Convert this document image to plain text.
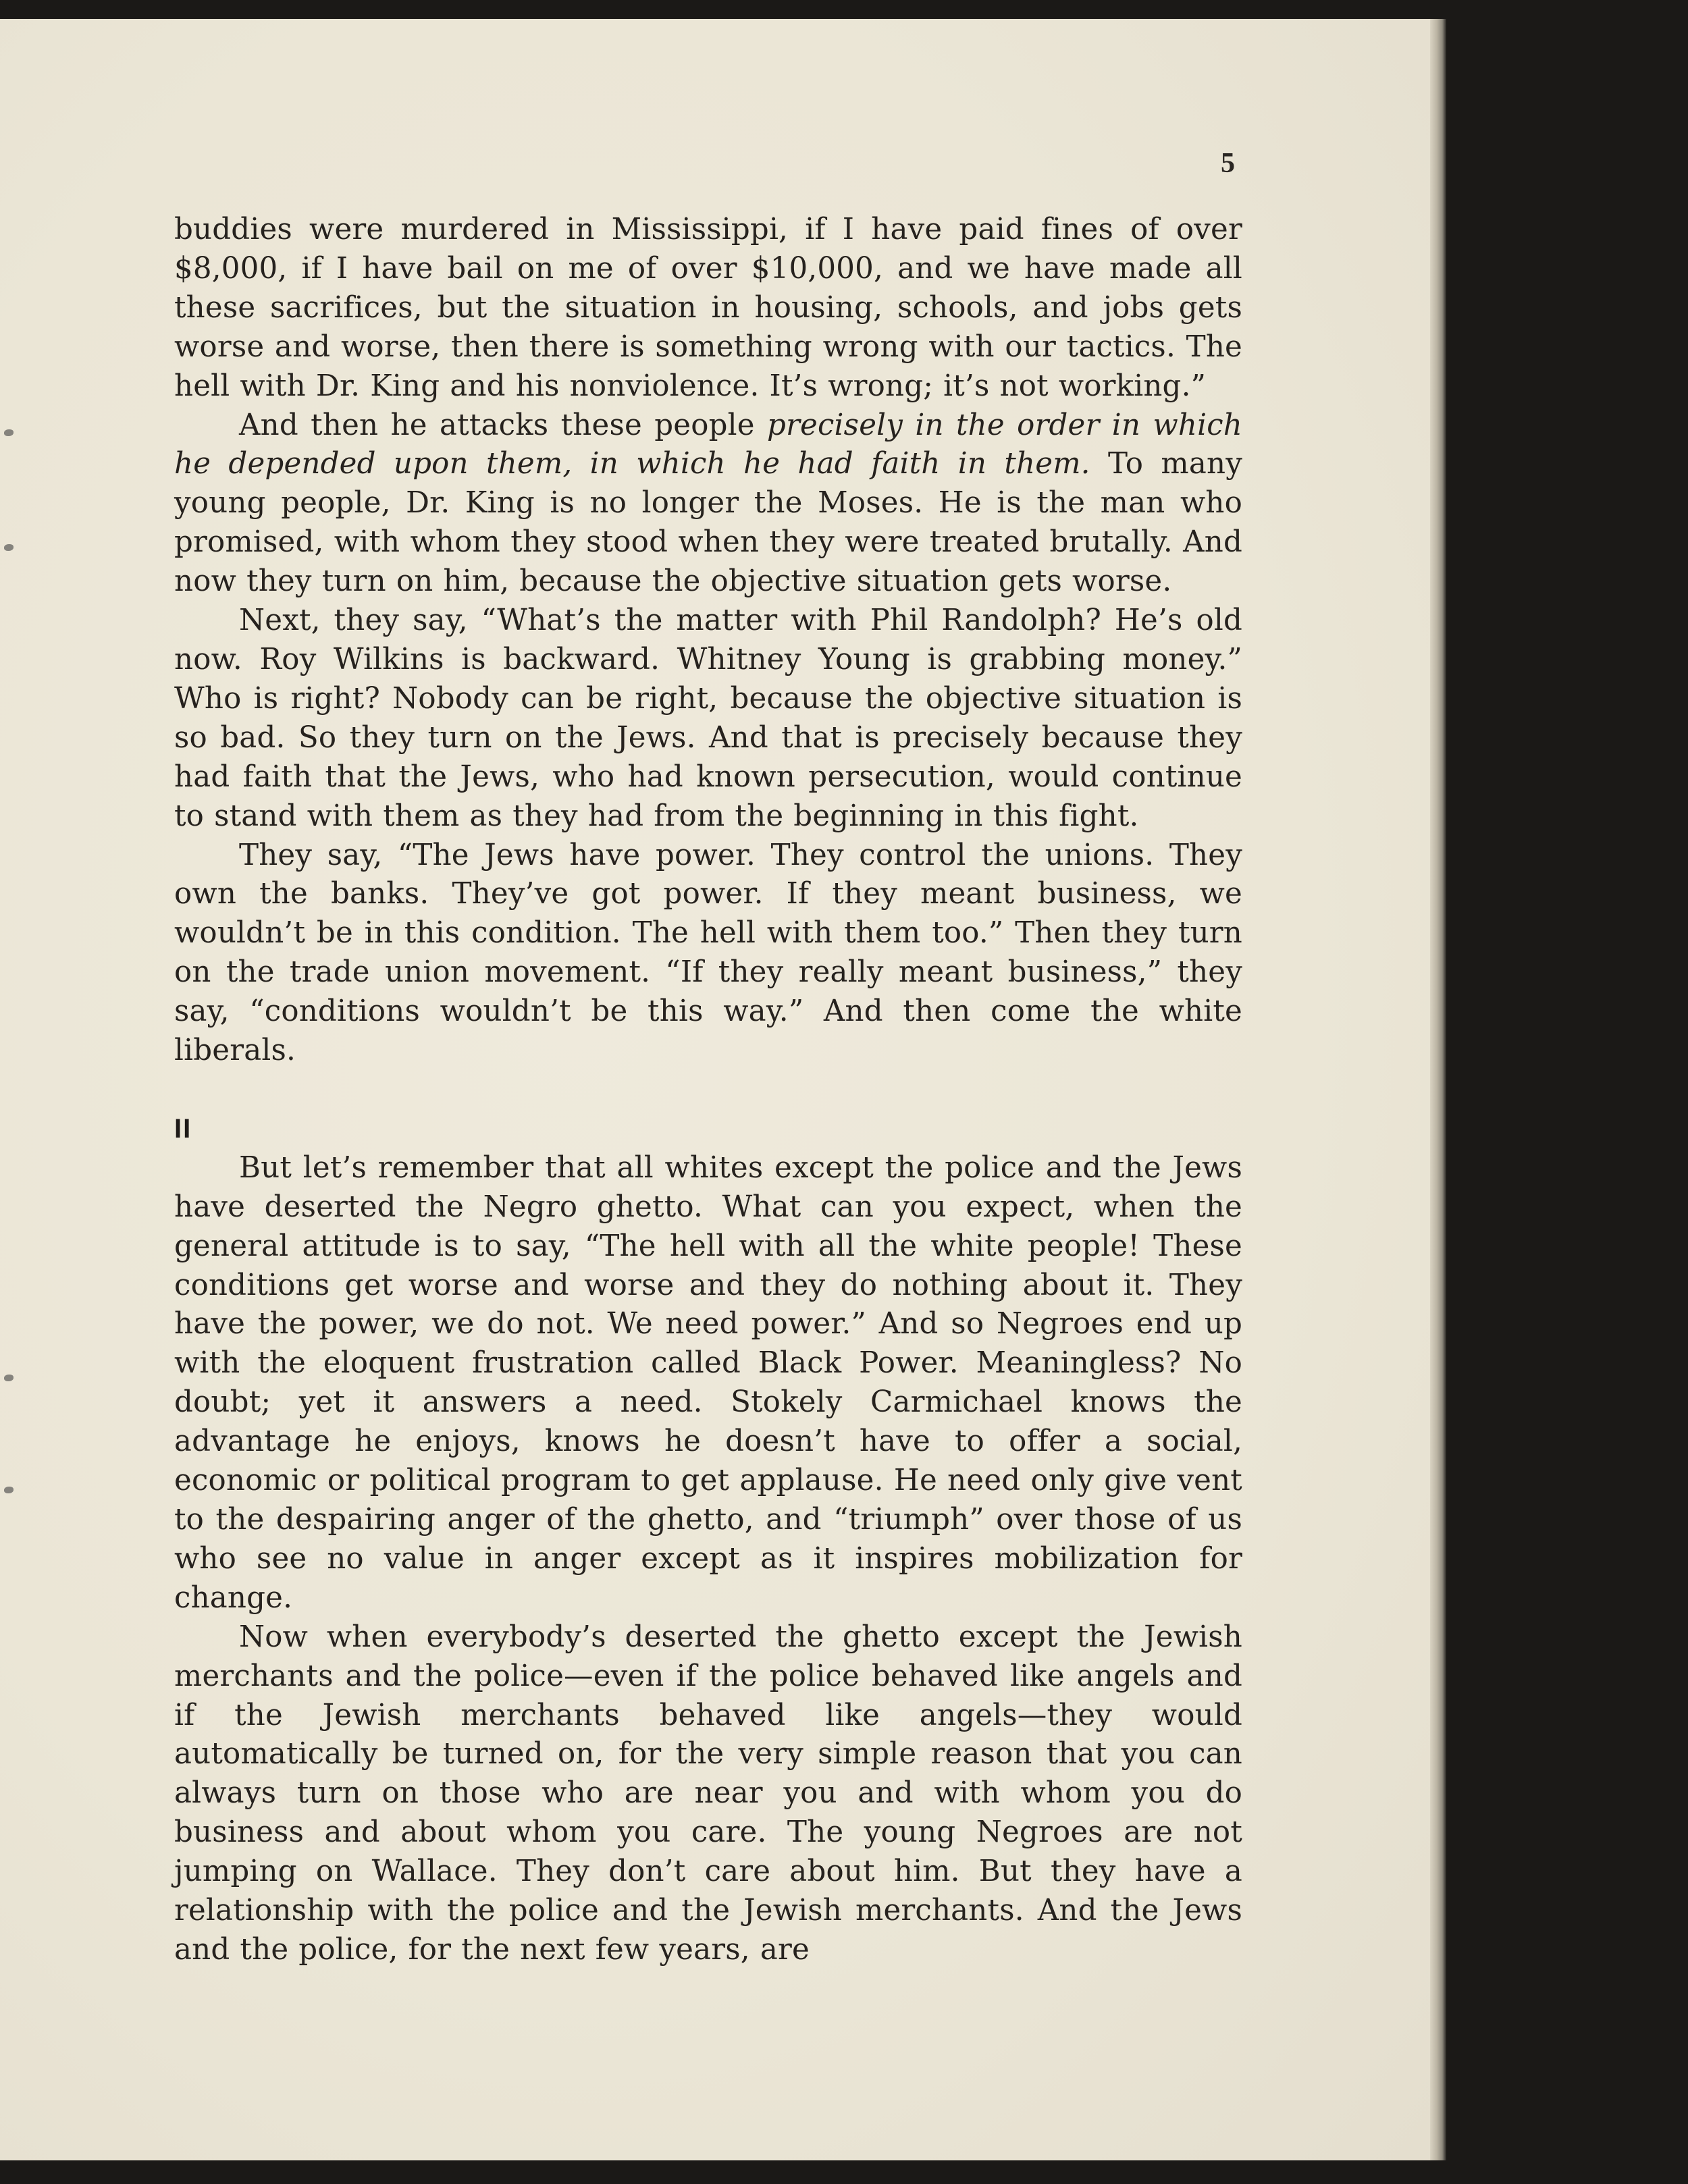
5

buddies were murdered in Mississippi, if I have paid fines of over $8,000, if I have bail on me of over $10,000, and we have made all these sacrifices, but the situation in housing, schools, and jobs gets worse and worse, then there is something wrong with our tactics. The hell with Dr. King and his nonviolence. It’s wrong; it’s not working.”

And then he attacks these people precisely in the order in which he depended upon them, in which he had faith in them. To many young people, Dr. King is no longer the Moses. He is the man who promised, with whom they stood when they were treated brutally. And now they turn on him, because the objective situation gets worse.

Next, they say, “What’s the matter with Phil Randolph? He’s old now. Roy Wilkins is backward. Whitney Young is grabbing money.” Who is right? Nobody can be right, because the objective situation is so bad. So they turn on the Jews. And that is precisely because they had faith that the Jews, who had known persecution, would continue to stand with them as they had from the beginning in this fight.

They say, “The Jews have power. They control the unions. They own the banks. They’ve got power. If they meant business, we wouldn’t be in this condition. The hell with them too.” Then they turn on the trade union movement. “If they really meant business,” they say, “conditions wouldn’t be this way.” And then come the white liberals.

II

But let’s remember that all whites except the police and the Jews have deserted the Negro ghetto. What can you expect, when the general attitude is to say, “The hell with all the white people! These conditions get worse and worse and they do nothing about it. They have the power, we do not. We need power.” And so Negroes end up with the eloquent frustration called Black Power. Meaningless? No doubt; yet it answers a need. Stokely Carmichael knows the advantage he enjoys, knows he doesn’t have to offer a social, economic or political program to get applause. He need only give vent to the despairing anger of the ghetto, and “triumph” over those of us who see no value in anger except as it inspires mobilization for change.

Now when everybody’s deserted the ghetto except the Jewish merchants and the police—even if the police behaved like angels and if the Jewish merchants behaved like angels—they would automatically be turned on, for the very simple reason that you can always turn on those who are near you and with whom you do business and about whom you care. The young Negroes are not jumping on Wallace. They don’t care about him. But they have a relationship with the police and the Jewish merchants. And the Jews and the police, for the next few years, are
